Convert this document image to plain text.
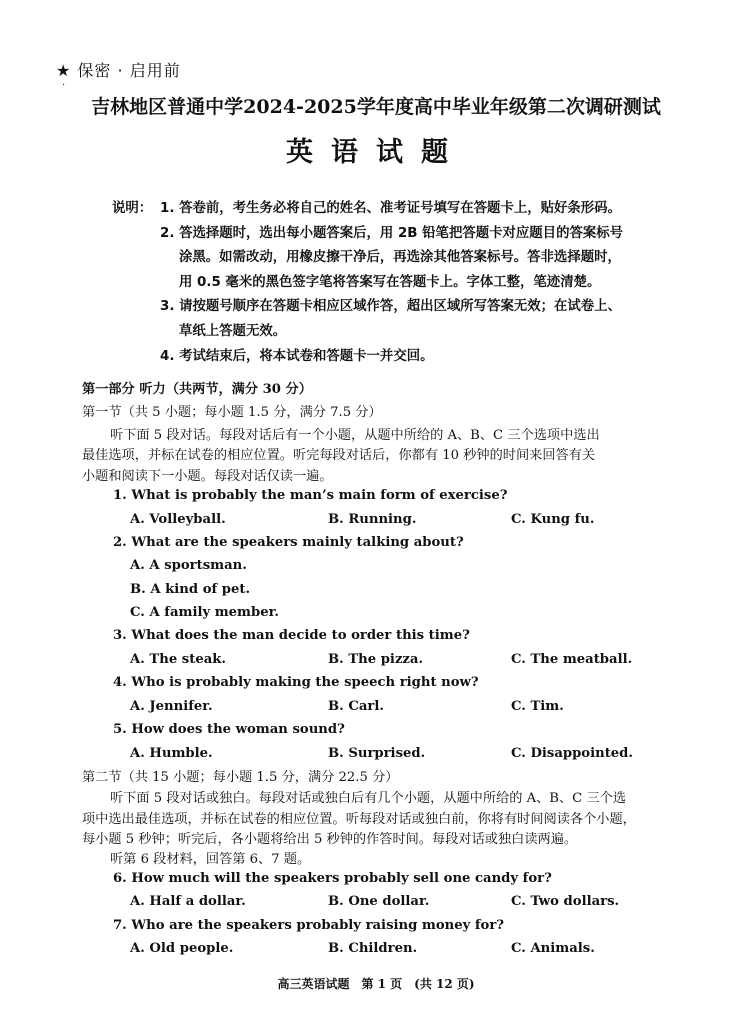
★ 保密 · 启用前
·
吉林地区普通中学2024-2025学年度高中毕业年级第二次调研测试
英语试题
说明： 1. 答卷前，考生务必将自己的姓名、准考证号填写在答题卡上，贴好条形码。
2. 答选择题时，选出每小题答案后，用 2B 铅笔把答题卡对应题目的答案标号
涂黑。如需改动，用橡皮擦干净后，再选涂其他答案标号。答非选择题时，
用 0.5 毫米的黑色签字笔将答案写在答题卡上。字体工整，笔迹清楚。
3. 请按题号顺序在答题卡相应区域作答，超出区域所写答案无效；在试卷上、
草纸上答题无效。
4. 考试结束后，将本试卷和答题卡一并交回。
第一部分 听力（共两节，满分 30 分）
第一节（共 5 小题；每小题 1.5 分，满分 7.5 分）
听下面 5 段对话。每段对话后有一个小题，从题中所给的 A、B、C 三个选项中选出
最佳选项，并标在试卷的相应位置。听完每段对话后，你都有 10 秒钟的时间来回答有关
小题和阅读下一小题。每段对话仅读一遍。
1. What is probably the man’s main form of exercise?
A. Volleyball.	B. Running.	C. Kung fu.
2. What are the speakers mainly talking about?
A. A sportsman.
B. A kind of pet.
C. A family member.
3. What does the man decide to order this time?
A. The steak.	B. The pizza.	C. The meatball.
4. Who is probably making the speech right now?
A. Jennifer.	B. Carl.	C. Tim.
5. How does the woman sound?
A. Humble.	B. Surprised.	C. Disappointed.
第二节（共 15 小题；每小题 1.5 分，满分 22.5 分）
听下面 5 段对话或独白。每段对话或独白后有几个小题，从题中所给的 A、B、C 三个选
项中选出最佳选项，并标在试卷的相应位置。听每段对话或独白前，你将有时间阅读各个小题，
每小题 5 秒钟；听完后，各小题将给出 5 秒钟的作答时间。每段对话或独白读两遍。
听第 6 段材料，回答第 6、7 题。
6. How much will the speakers probably sell one candy for?
A. Half a dollar.	B. One dollar.	C. Two dollars.
7. Who are the speakers probably raising money for?
A. Old people.	B. Children.	C. Animals.
高三英语试题　第 1 页　(共 12 页)
